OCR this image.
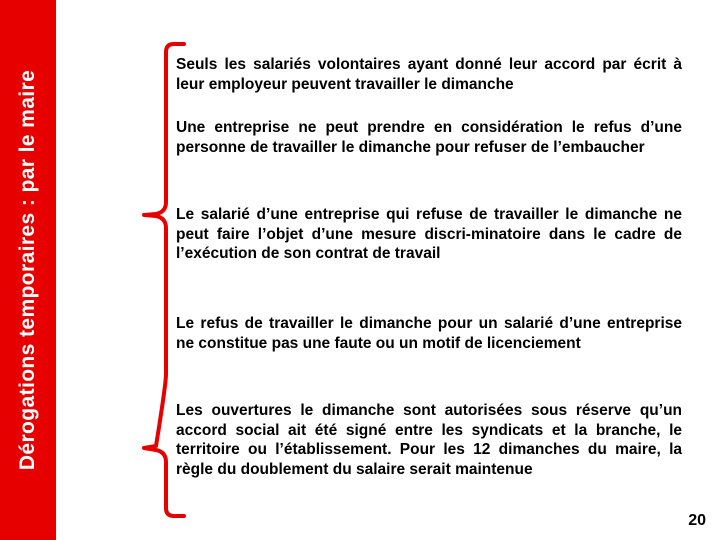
Dérogations temporaires : par le maire

Seuls les salariés volontaires ayant donné leur accord par écrit à leur employeur peuvent travailler le dimanche

Une entreprise ne peut prendre en considération le refus d’une personne de travailler le dimanche pour refuser de l’embaucher

Le salarié d’une entreprise qui refuse de travailler le dimanche ne peut faire l’objet d’une mesure discri-minatoire dans le cadre de l’exécution de son contrat de travail

Le refus de travailler le dimanche pour un salarié d’une entreprise ne constitue pas une faute ou un motif de licenciement

Les ouvertures le dimanche sont autorisées sous réserve qu’un accord social ait été signé entre les syndicats et la branche, le territoire ou l’établissement. Pour les 12 dimanches du maire, la règle du doublement du salaire serait maintenue

20
